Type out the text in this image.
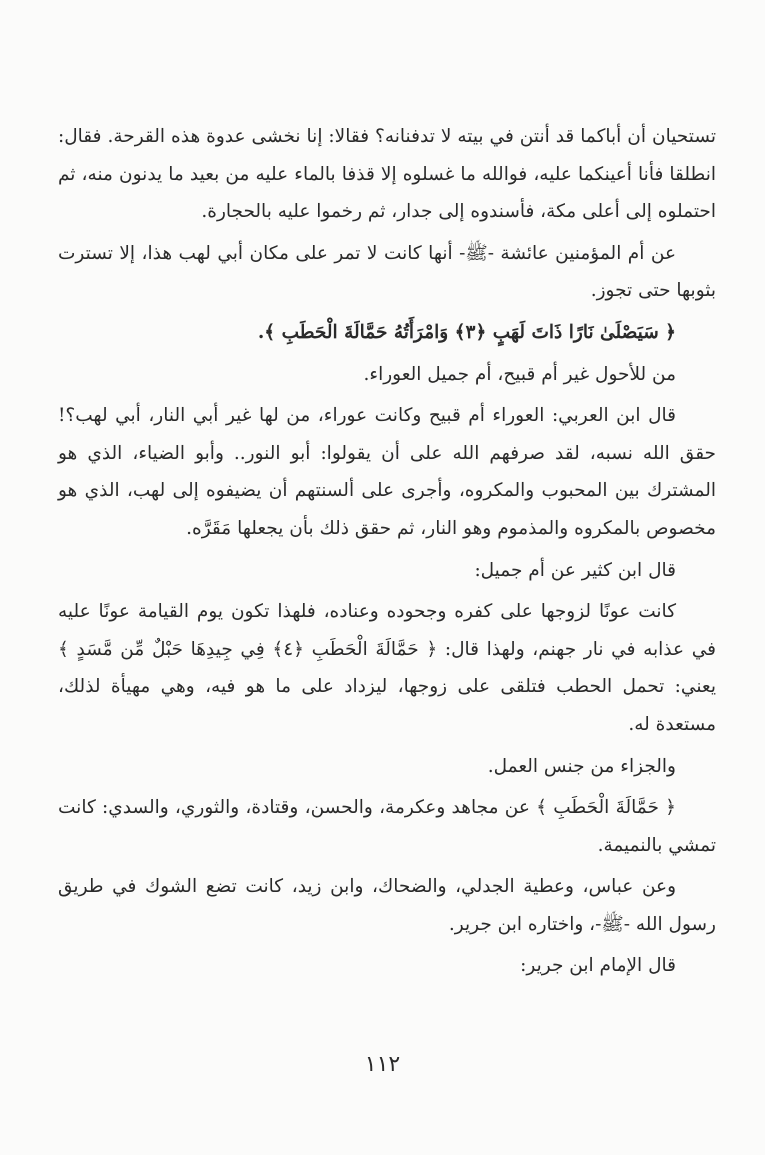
تستحيان أن أباكما قد أنتن في بيته لا تدفنانه؟ فقالا: إنا نخشى عدوة هذه القرحة. فقال: انطلقا فأنا أعينكما عليه، فوالله ما غسلوه إلا قذفا بالماء عليه من بعيد ما يدنون منه، ثم احتملوه إلى أعلى مكة، فأسندوه إلى جدار، ثم رخموا عليه بالحجارة.

عن أم المؤمنين عائشة -ﷺ- أنها كانت لا تمر على مكان أبي لهب هذا، إلا تسترت بثوبها حتى تجوز.

﴿ سَيَصْلَىٰ نَارًا ذَاتَ لَهَبٍ ﴿٣﴾ وَامْرَأَتُهُ حَمَّالَةَ الْحَطَبِ ﴾.

من للأحول غير أم قبيح، أم جميل العوراء.

قال ابن العربي: العوراء أم قبيح وكانت عوراء، من لها غير أبي النار، أبي لهب؟! حقق الله نسبه، لقد صرفهم الله على أن يقولوا: أبو النور.. وأبو الضياء، الذي هو المشترك بين المحبوب والمكروه، وأجرى على ألسنتهم أن يضيفوه إلى لهب، الذي هو مخصوص بالمكروه والمذموم وهو النار، ثم حقق ذلك بأن يجعلها مَقَرَّه.

قال ابن كثير عن أم جميل:

كانت عونًا لزوجها على كفره وجحوده وعناده، فلهذا تكون يوم القيامة عونًا عليه في عذابه في نار جهنم، ولهذا قال: ﴿ حَمَّالَةَ الْحَطَبِ ﴿٤﴾ فِي جِيدِهَا حَبْلٌ مِّن مَّسَدٍ ﴾ يعني: تحمل الحطب فتلقى على زوجها، ليزداد على ما هو فيه، وهي مهيأة لذلك، مستعدة له.

والجزاء من جنس العمل.

﴿ حَمَّالَةَ الْحَطَبِ ﴾ عن مجاهد وعكرمة، والحسن، وقتادة، والثوري، والسدي: كانت تمشي بالنميمة.

وعن عباس، وعطية الجدلي، والضحاك، وابن زيد، كانت تضع الشوك في طريق رسول الله -ﷺ-، واختاره ابن جرير.

قال الإمام ابن جرير:

١١٢
